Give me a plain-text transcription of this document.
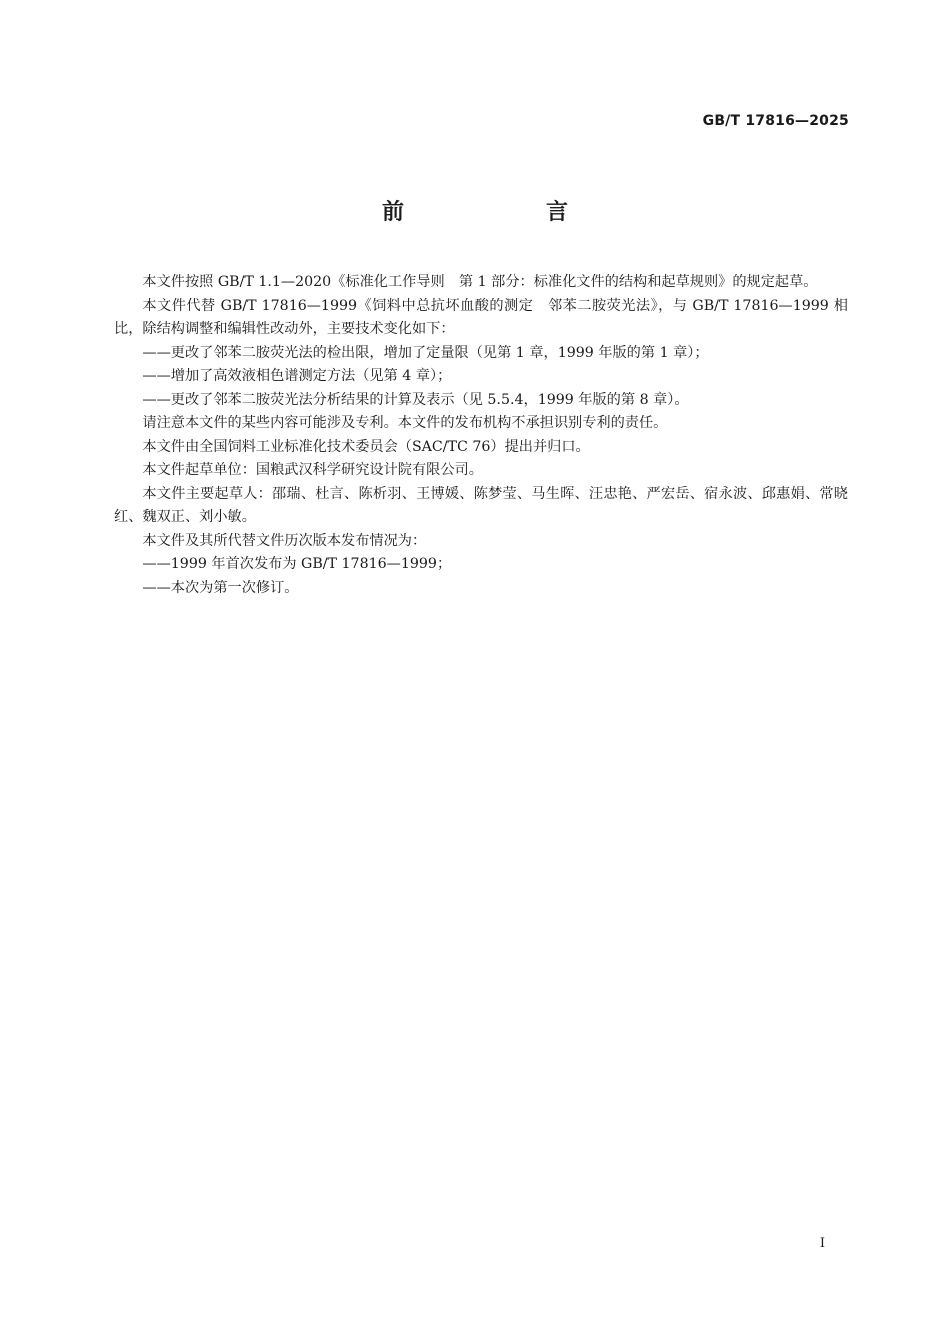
GB/T 17816—2025
前　言

本文件按照 GB/T 1.1—2020《标准化工作导则　第 1 部分：标准化文件的结构和起草规则》的规定起草。

本文件代替 GB/T 17816—1999《饲料中总抗坏血酸的测定　邻苯二胺荧光法》，与 GB/T 17816—1999 相比，除结构调整和编辑性改动外，主要技术变化如下：

——更改了邻苯二胺荧光法的检出限，增加了定量限（见第 1 章，1999 年版的第 1 章）；

——增加了高效液相色谱测定方法（见第 4 章）；

——更改了邻苯二胺荧光法分析结果的计算及表示（见 5.5.4，1999 年版的第 8 章）。

请注意本文件的某些内容可能涉及专利。本文件的发布机构不承担识别专利的责任。

本文件由全国饲料工业标准化技术委员会（SAC/TC 76）提出并归口。

本文件起草单位：国粮武汉科学研究设计院有限公司。

本文件主要起草人：邵瑞、杜言、陈析羽、王博媛、陈梦莹、马生晖、汪忠艳、严宏岳、宿永波、邱惠娟、常晓红、魏双正、刘小敏。

本文件及其所代替文件历次版本发布情况为：

——1999 年首次发布为 GB/T 17816—1999；

——本次为第一次修订。

I
